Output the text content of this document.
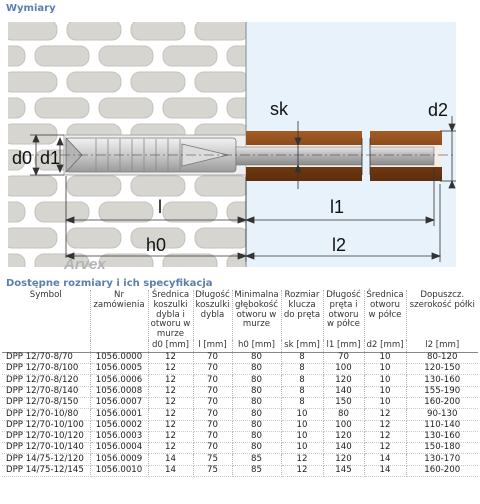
Wymiary
sk	d2
d0 d1
l	l1
h0	l2
Arvex
Dostępne rozmiary i ich specyfikacja
Symbol	Nr zamówienia	Średnica koszulki dybla i otworu w murze	Długość koszulki dybla	Minimalna głębokość otworu w murze	Rozmiar klucza do pręta	Długość pręta i otworu w półce	Średnica otworu w półce	Dopuszcz. szerokość półki
		d0 [mm]	l [mm]	h0 [mm]	sk [mm]	l1 [mm]	d2 [mm]	l2 [mm]
DPP 12/70-8/70	1056.0000	12	70	80	8	70	10	80-120
DPP 12/70-8/100	1056.0005	12	70	80	8	100	10	120-150
DPP 12/70-8/120	1056.0006	12	70	80	8	120	10	130-160
DPP 12/70-8/140	1056.0008	12	70	80	8	140	10	155-190
DPP 12/70-8/150	1056.0007	12	70	80	8	150	10	160-200
DPP 12/70-10/80	1056.0001	12	70	80	10	80	12	90-130
DPP 12/70-10/100	1056.0002	12	70	80	10	100	12	110-140
DPP 12/70-10/120	1056.0003	12	70	80	10	120	12	130-160
DPP 12/70-10/140	1056.0004	12	70	80	10	140	12	150-180
DPP 14/75-12/120	1056.0009	14	75	85	12	120	14	130-170
DPP 14/75-12/145	1056.0010	14	75	85	12	145	14	160-200
